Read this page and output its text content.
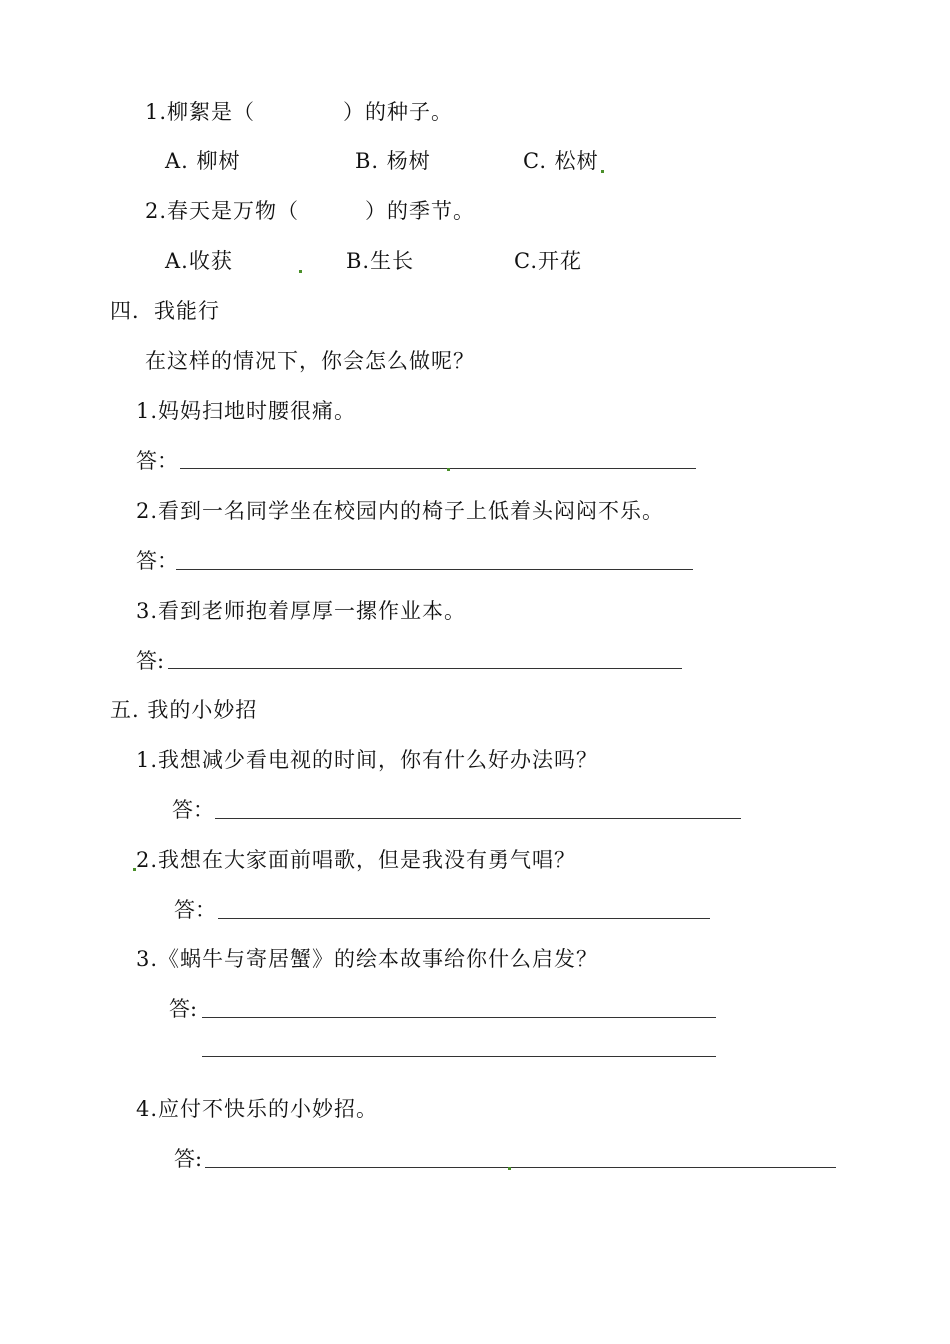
1.柳絮是（　　　　）的种子。
A. 柳树	B. 杨树	C. 松树
2.春天是万物（　　　）的季节。
A.收获	B.生长	C.开花
四．我能行
在这样的情况下，你会怎么做呢？
1.妈妈扫地时腰很痛。
答：
2.看到一名同学坐在校园内的椅子上低着头闷闷不乐。
答：
3.看到老师抱着厚厚一摞作业本。
答:
五. 我的小妙招
1.我想减少看电视的时间，你有什么好办法吗？
答：
2.我想在大家面前唱歌，但是我没有勇气唱？
答：
3.《蜗牛与寄居蟹》的绘本故事给你什么启发？
答:
4.应付不快乐的小妙招。
答:
